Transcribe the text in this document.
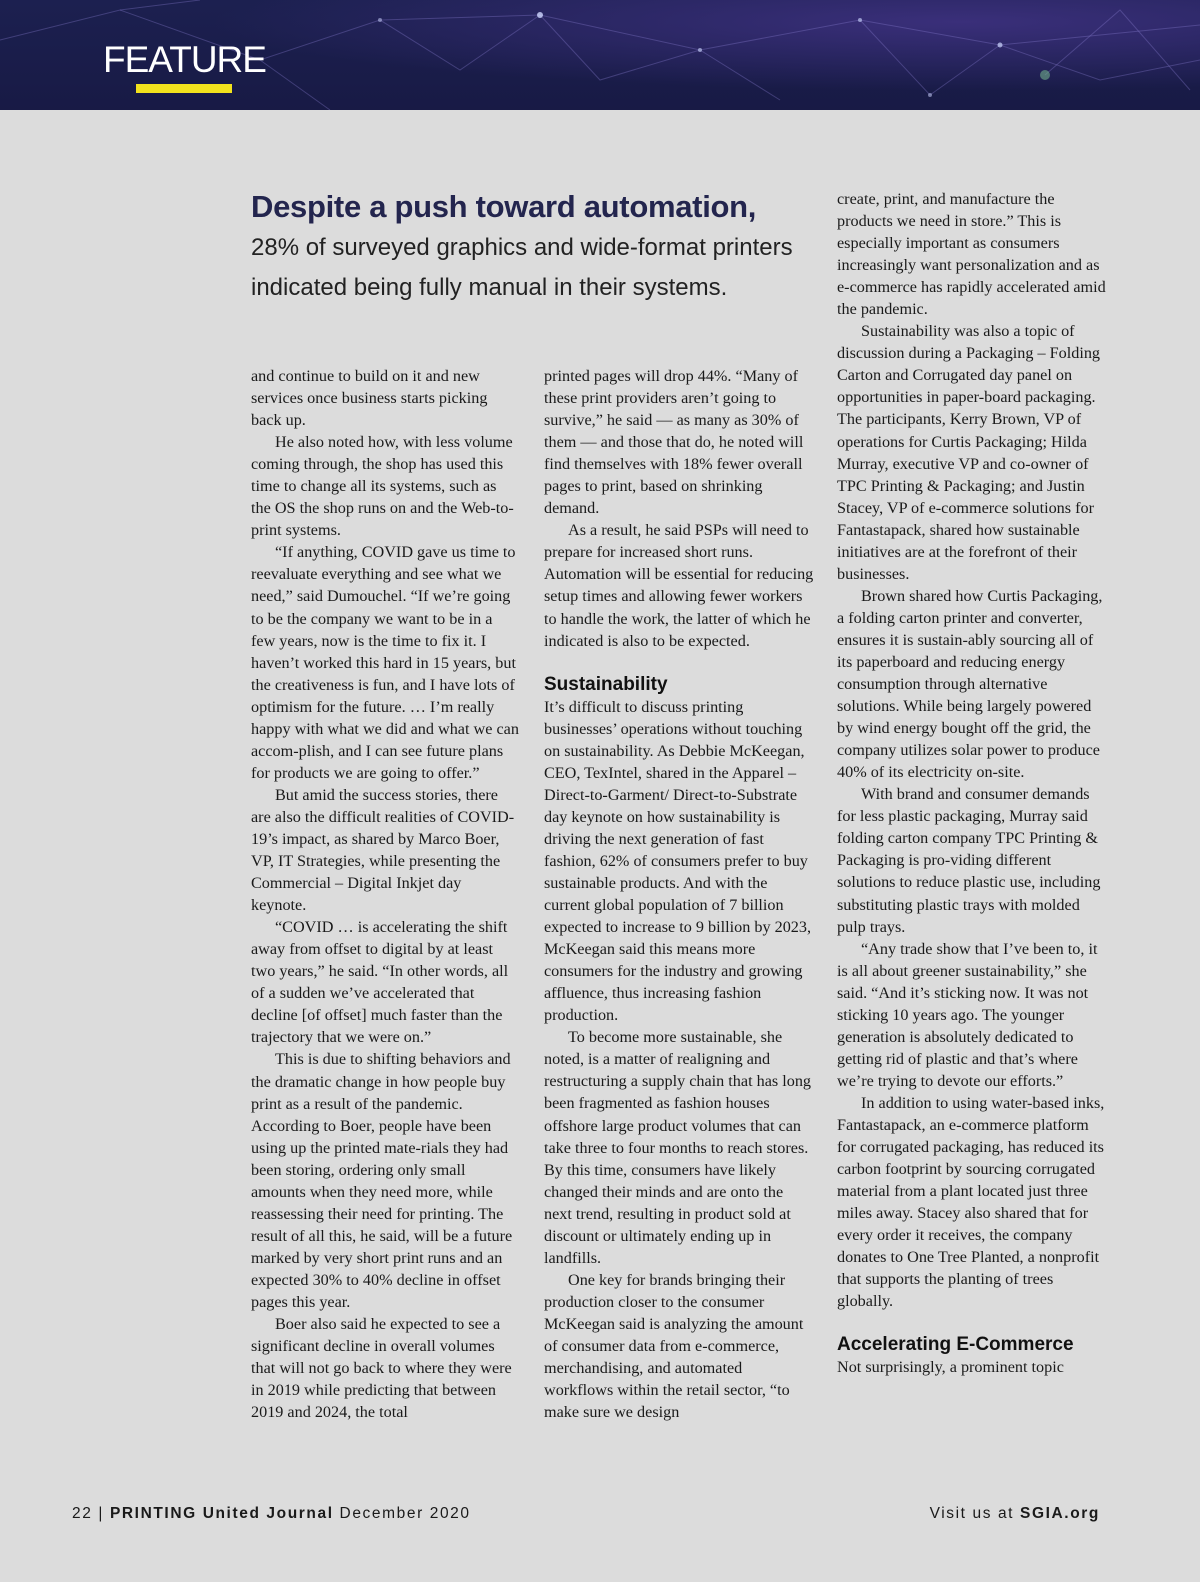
FEATURE

Despite a push toward automation,

28% of surveyed graphics and wide-format printers indicated being fully manual in their systems.

and continue to build on it and new services once business starts picking back up.

He also noted how, with less volume coming through, the shop has used this time to change all its systems, such as the OS the shop runs on and the Web-to-print systems.

“If anything, COVID gave us time to reevaluate everything and see what we need,” said Dumouchel. “If we’re going to be the company we want to be in a few years, now is the time to fix it. I haven’t worked this hard in 15 years, but the creativeness is fun, and I have lots of optimism for the future. … I’m really happy with what we did and what we can accom-plish, and I can see future plans for products we are going to offer.”

But amid the success stories, there are also the difficult realities of COVID-19’s impact, as shared by Marco Boer, VP, IT Strategies, while presenting the Commercial – Digital Inkjet day keynote.

“COVID … is accelerating the shift away from offset to digital by at least two years,” he said. “In other words, all of a sudden we’ve accelerated that decline [of offset] much faster than the trajectory that we were on.”

This is due to shifting behaviors and the dramatic change in how people buy print as a result of the pandemic. According to Boer, people have been using up the printed mate-rials they had been storing, ordering only small amounts when they need more, while reassessing their need for printing. The result of all this, he said, will be a future marked by very short print runs and an expected 30% to 40% decline in offset pages this year.

Boer also said he expected to see a significant decline in overall volumes that will not go back to where they were in 2019 while predicting that between 2019 and 2024, the total

printed pages will drop 44%. “Many of these print providers aren’t going to survive,” he said — as many as 30% of them — and those that do, he noted will find themselves with 18% fewer overall pages to print, based on shrinking demand.

As a result, he said PSPs will need to prepare for increased short runs. Automation will be essential for reducing setup times and allowing fewer workers to handle the work, the latter of which he indicated is also to be expected.

Sustainability

It’s difficult to discuss printing businesses’ operations without touching on sustainability. As Debbie McKeegan, CEO, TexIntel, shared in the Apparel – Direct-to-Garment/ Direct-to-Substrate day keynote on how sustainability is driving the next generation of fast fashion, 62% of consumers prefer to buy sustainable products. And with the current global population of 7 billion expected to increase to 9 billion by 2023, McKeegan said this means more consumers for the industry and growing affluence, thus increasing fashion production.

To become more sustainable, she noted, is a matter of realigning and restructuring a supply chain that has long been fragmented as fashion houses offshore large product volumes that can take three to four months to reach stores. By this time, consumers have likely changed their minds and are onto the next trend, resulting in product sold at discount or ultimately ending up in landfills.

One key for brands bringing their production closer to the consumer McKeegan said is analyzing the amount of consumer data from e-commerce, merchandising, and automated workflows within the retail sector, “to make sure we design

create, print, and manufacture the products we need in store.” This is especially important as consumers increasingly want personalization and as e-commerce has rapidly accelerated amid the pandemic.

Sustainability was also a topic of discussion during a Packaging – Folding Carton and Corrugated day panel on opportunities in paper-board packaging. The participants, Kerry Brown, VP of operations for Curtis Packaging; Hilda Murray, executive VP and co-owner of TPC Printing & Packaging; and Justin Stacey, VP of e-commerce solutions for Fantastapack, shared how sustainable initiatives are at the forefront of their businesses.

Brown shared how Curtis Packaging, a folding carton printer and converter, ensures it is sustain-ably sourcing all of its paperboard and reducing energy consumption through alternative solutions. While being largely powered by wind energy bought off the grid, the company utilizes solar power to produce 40% of its electricity on-site.

With brand and consumer demands for less plastic packaging, Murray said folding carton company TPC Printing & Packaging is pro-viding different solutions to reduce plastic use, including substituting plastic trays with molded pulp trays.

“Any trade show that I’ve been to, it is all about greener sustainability,” she said. “And it’s sticking now. It was not sticking 10 years ago. The younger generation is absolutely dedicated to getting rid of plastic and that’s where we’re trying to devote our efforts.”

In addition to using water-based inks, Fantastapack, an e-commerce platform for corrugated packaging, has reduced its carbon footprint by sourcing corrugated material from a plant located just three miles away. Stacey also shared that for every order it receives, the company donates to One Tree Planted, a nonprofit that supports the planting of trees globally.

Accelerating E-Commerce

Not surprisingly, a prominent topic

22 | PRINTING United Journal December 2020	Visit us at SGIA.org
